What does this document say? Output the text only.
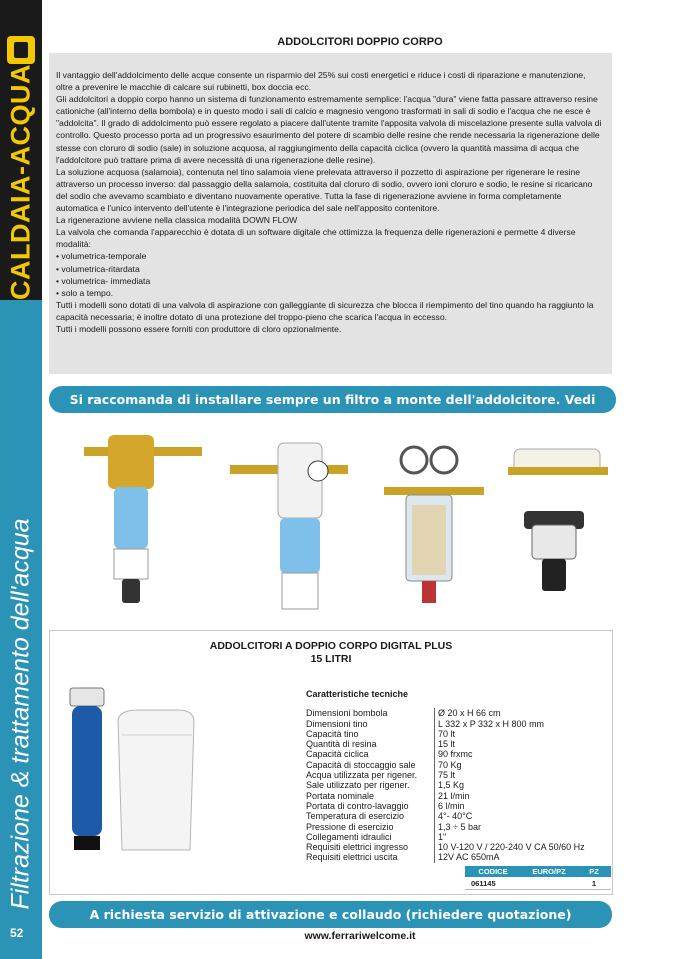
CALDAIA-ACQUA
Filtrazione & trattamento dell'acqua
52
ADDOLCITORI DOPPIO CORPO

Il vantaggio dell'addolcimento delle acque consente un risparmio del 25% sui costi energetici e riduce i costi di riparazione e manutenzione, oltre a prevenire le macchie di calcare sui rubinetti, box doccia ecc.

Gli addolcitori a doppio corpo hanno un sistema di funzionamento estremamente semplice: l'acqua "dura" viene fatta passare attraverso resine cationiche (all'interno della bombola) e in questo modo i sali di calcio e magnesio vengono trasformati in sali di sodio e l'acqua che ne esce è "addolcita". Il grado di addolcimento può essere regolato a piacere dall'utente tramite l'apposita valvola di miscelazione presente sulla valvola di controllo. Questo processo porta ad un progressivo esaurimento del potere di scambio delle resine che rende necessaria la rigenerazione delle stesse con cloruro di sodio (sale) in soluzione acquosa, al raggiungimento della capacità ciclica (ovvero la quantità massima di acqua che l'addolcitore può trattare prima di avere necessità di una rigenerazione delle resine).

La soluzione acquosa (salamoia), contenuta nel tino salamoia viene prelevata attraverso il pozzetto di aspirazione per rigenerare le resine attraverso un processo inverso: dal passaggio della salamoia, costituita dal cloruro di sodio, ovvero ioni cloruro e sodio, le resine si ricaricano del sodio che avevamo scambiato e diventano nuovamente operative. Tutta la fase di rigenerazione avviene in forma completamente automatica e l'unico intervento dell'utente è l'integrazione periodica del sale nell'apposito contenitore.

La rigenerazione avviene nella classica modalità DOWN FLOW

La valvola che comanda l'apparecchio è dotata di un software digitale che ottimizza la frequenza delle rigenerazioni e permette 4 diverse modalità:

• volumetrica-temporale

• volumetrica-ritardata

• volumetrica- immediata

• solo a tempo.

Tutti i modelli sono dotati di una valvola di aspirazione con galleggiante di sicurezza che blocca il riempimento del tino quando ha raggiunto la capacità necessaria; è inoltre dotato di una protezione del troppo-pieno che scarica l'acqua in eccesso.

Tutti i modelli possono essere forniti con produttore di cloro opzionalmente.

Si raccomanda di installare sempre un filtro a monte dell'addolcitore. Vedi pagg. 32-35
ADDOLCITORI A DOPPIO CORPO DIGITAL PLUS
15 LITRI
Caratteristiche tecniche
Dimensioni bombola	Ø 20 x H 66 cm
Dimensioni tino	L 332 x P 332 x H 800 mm
Capacità tino	70 lt
Quantità di resina	15 lt
Capacità ciclica	90 frxmc
Capacità di stoccaggio sale	70 Kg
Acqua utilizzata per rigener.	75 lt
Sale utilizzato per rigener.	1,5 Kg
Portata nominale	21 l/min
Portata di contro-lavaggio	6 l/min
Temperatura di esercizio	4°- 40°C
Pressione di esercizio	1,3 ÷ 5 bar
Collegamenti idraulici	1"
Requisiti elettrici ingresso	10 V-120 V / 220-240 V CA 50/60 Hz
Requisiti elettrici uscita	12V AC 650mA
CODICE	EURO/PZ	PZ
061145		1
A richiesta servizio di attivazione e collaudo (richiedere quotazione)
www.ferrariwelcome.it
